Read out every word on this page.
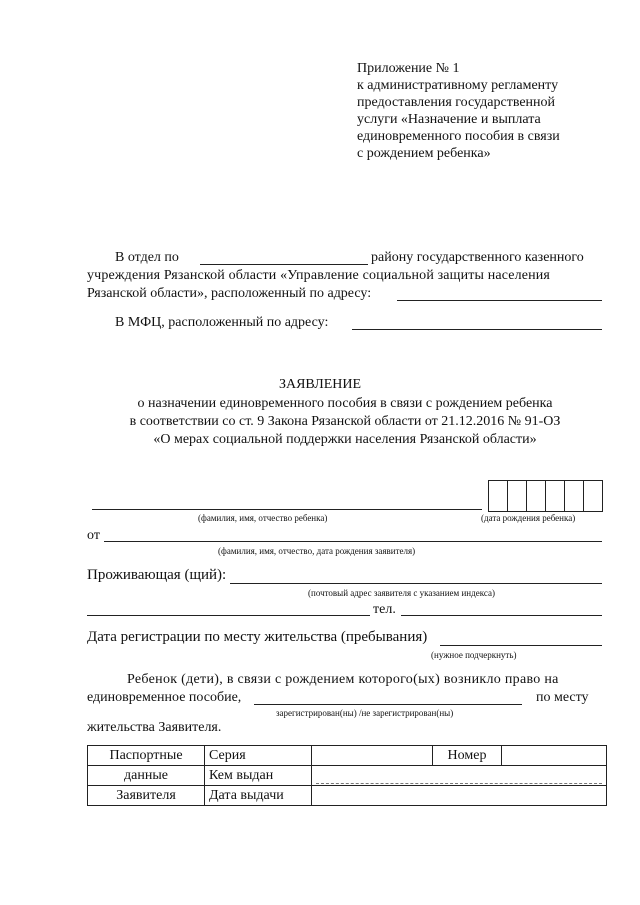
Приложение № 1
к административному регламенту
предоставления государственной
услуги «Назначение и выплата
единовременного пособия в связи
с рождением ребенка»
В отдел по	району государственного казенного
учреждения Рязанской области «Управление социальной защиты населения
Рязанской области», расположенный по адресу:
В МФЦ, расположенный по адресу:
ЗАЯВЛЕНИЕ
о назначении единовременного пособия в связи с рождением ребенка
в соответствии со ст. 9 Закона Рязанской области от 21.12.2016 № 91-ОЗ
«О мерах социальной поддержки населения Рязанской области»
(фамилия, имя, отчество ребенка)	(дата рождения ребенка)
от
(фамилия, имя, отчество, дата рождения заявителя)
Проживающая (щий):
(почтовый адрес заявителя с указанием индекса)
тел.
Дата регистрации по месту жительства (пребывания)
(нужное подчеркнуть)
Ребенок (дети), в связи с рождением которого(ых) возникло право на
единовременное пособие,	по месту
зарегистрирован(ны) /не зарегистрирован(ны)
жительства Заявителя.
Паспортные	Серия		Номер	
данные	Кем выдан			

Заявителя	Дата выдачи			
